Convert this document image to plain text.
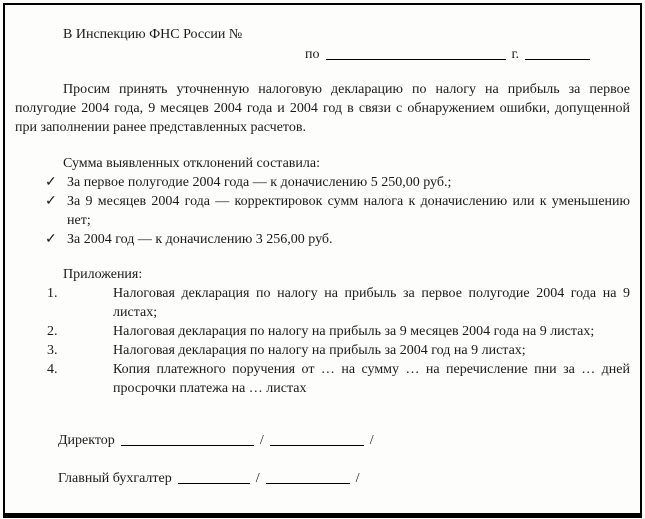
В Инспекцию ФНС России №
по	г.

Просим принять уточненную налоговую декларацию по налогу на прибыль за первое полугодие 2004 года, 9 месяцев 2004 года и 2004 год в связи с обнаружением ошибки, допущенной при заполнении ранее представленных расчетов.

Сумма выявленных отклонений составила:
✓ За первое полугодие 2004 года — к доначислению 5 250,00 руб.;
✓ За 9 месяцев 2004 года — корректировок сумм налога к доначислению или к уменьшению нет;
✓ За 2004 год — к доначислению 3 256,00 руб.
Приложения:
1.	Налоговая декларация по налогу на прибыль за первое полугодие 2004 года на 9 листах;
2.	Налоговая декларация по налогу на прибыль за 9 месяцев 2004 года на 9 листах;
3.	Налоговая декларация по налогу на прибыль за 2004 год на 9 листах;
4.	Копия платежного поручения от … на сумму … на перечисление пни за … дней просрочки платежа на … листах
Директор	/	/
Главный бухгалтер	/	/
